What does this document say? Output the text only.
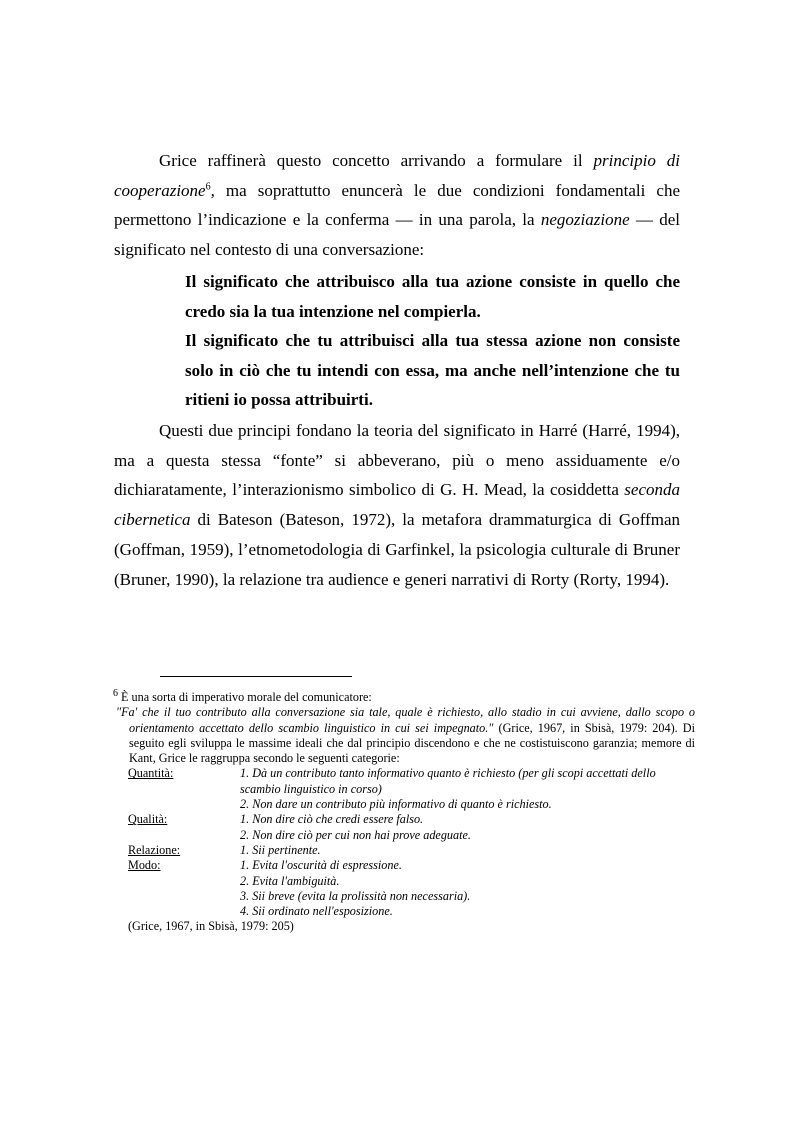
Grice raffinerà questo concetto arrivando a formulare il principio di cooperazione$^6$, ma soprattutto enuncerà le due condizioni fondamentali che permettono l’indicazione e la conferma — in una parola, la negoziazione — del significato nel contesto di una conversazione:

Il significato che attribuisco alla tua azione consiste in quello che credo sia la tua intenzione nel compierla.

Il significato che tu attribuisci alla tua stessa azione non consiste solo in ciò che tu intendi con essa, ma anche nell’intenzione che tu ritieni io possa attribuirti.

Questi due principi fondano la teoria del significato in Harré (Harré, 1994), ma a questa stessa “fonte” si abbeverano, più o meno assiduamente e/o dichiaratamente, l’interazionismo simbolico di G. H. Mead, la cosiddetta seconda cibernetica di Bateson (Bateson, 1972), la metafora drammaturgica di Goffman (Goffman, 1959), l’etnometodologia di Garfinkel, la psicologia culturale di Bruner (Bruner, 1990), la relazione tra audience e generi narrativi di Rorty (Rorty, 1994).

$^6$ È una sorta di imperativo morale del comunicatore:

"Fa' che il tuo contributo alla conversazione sia tale, quale è richiesto, allo stadio in cui avviene, dallo scopo o orientamento accettato dello scambio linguistico in cui sei impegnato." (Grice, 1967, in Sbisà, 1979: 204). Di seguito egli sviluppa le massime ideali che dal principio discendono e che ne costistuiscono garanzia; memore di Kant, Grice le raggruppa secondo le seguenti categorie:

Quantità:	1. Dà un contributo tanto informativo quanto è richiesto (per gli scopi accettati dello scambio linguistico in corso)
	2. Non dare un contributo più informativo di quanto è richiesto.
Qualità:	1. Non dire ciò che credi essere falso.
	2. Non dire ciò per cui non hai prove adeguate.
Relazione:	1. Sii pertinente.
Modo:	1. Evita l'oscurità di espressione.
	2. Evita l'ambiguità.
	3. Sii breve (evita la prolissità non necessaria).
	4. Sii ordinato nell'esposizione.

(Grice, 1967, in Sbisà, 1979: 205)
